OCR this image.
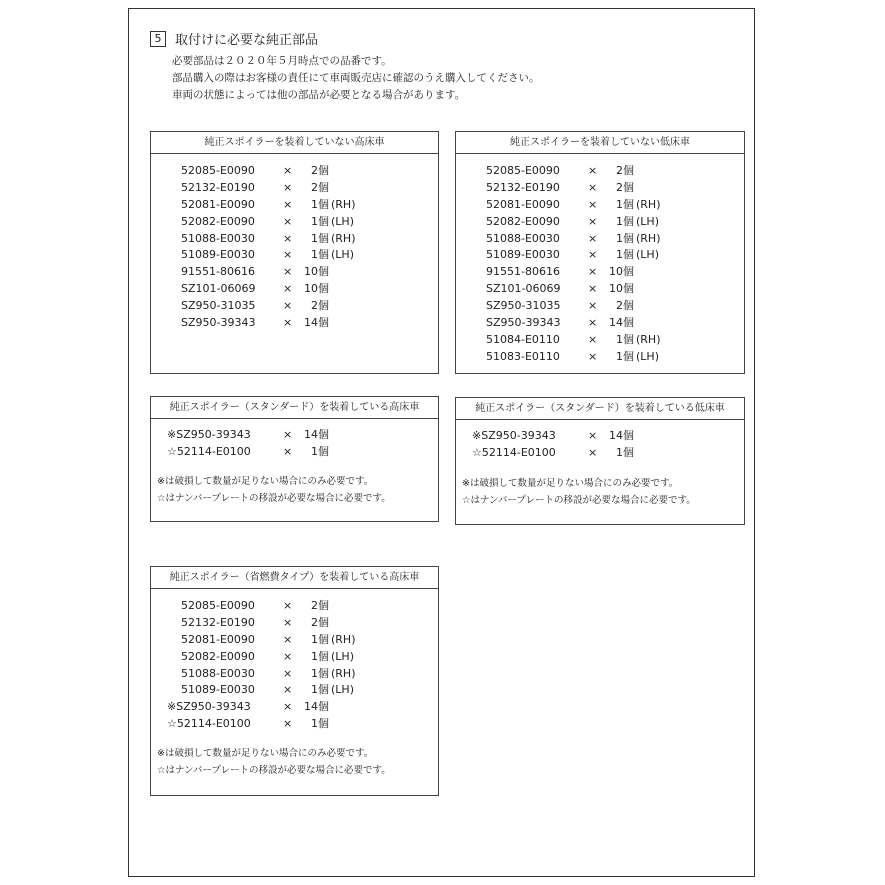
5	取付けに必要な純正部品
必要部品は２０２０年５月時点での品番です。
部品購入の際はお客様の責任にて車両販売店に確認のうえ購入してください。
車両の状態によっては他の部品が必要となる場合があります。
純正スポイラーを装着していない高床車
52085-E0090	×	2個
52132-E0190	×	2個
52081-E0090	×	1個 (RH)
52082-E0090	×	1個 (LH)
51088-E0030	×	1個 (RH)
51089-E0030	×	1個 (LH)
91551-80616	×	10個
SZ101-06069	×	10個
SZ950-31035	×	2個
SZ950-39343	×	14個
純正スポイラーを装着していない低床車
52085-E0090	×	2個
52132-E0190	×	2個
52081-E0090	×	1個 (RH)
52082-E0090	×	1個 (LH)
51088-E0030	×	1個 (RH)
51089-E0030	×	1個 (LH)
91551-80616	×	10個
SZ101-06069	×	10個
SZ950-31035	×	2個
SZ950-39343	×	14個
51084-E0110	×	1個 (RH)
51083-E0110	×	1個 (LH)
純正スポイラー（スタンダード）を装着している高床車
※SZ950-39343	×	14個
☆52114-E0100	×	1個
※は破損して数量が足りない場合にのみ必要です。
☆はナンバープレートの移設が必要な場合に必要です。
純正スポイラー（スタンダード）を装着している低床車
※SZ950-39343	×	14個
☆52114-E0100	×	1個
※は破損して数量が足りない場合にのみ必要です。
☆はナンバープレートの移設が必要な場合に必要です。
純正スポイラー（省燃費タイプ）を装着している高床車
52085-E0090	×	2個
52132-E0190	×	2個
52081-E0090	×	1個 (RH)
52082-E0090	×	1個 (LH)
51088-E0030	×	1個 (RH)
51089-E0030	×	1個 (LH)
※SZ950-39343	×	14個
☆52114-E0100	×	1個
※は破損して数量が足りない場合にのみ必要です。
☆はナンバープレートの移設が必要な場合に必要です。
